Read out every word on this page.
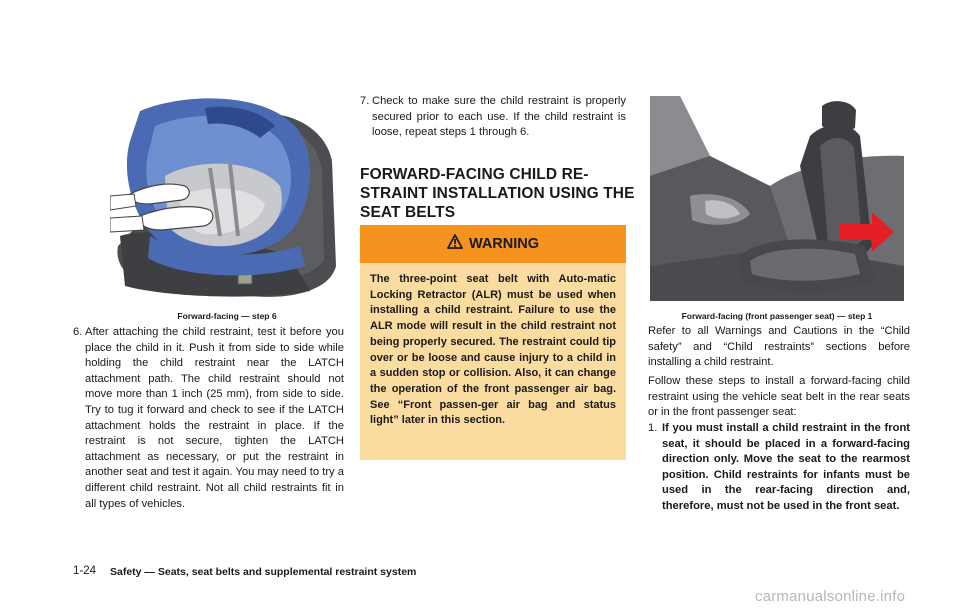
Forward-facing — step 6
6. After attaching the child restraint, test it before you place the child in it. Push it from side to side while holding the child restraint near the LATCH attachment path. The child restraint should not move more than 1 inch (25 mm), from side to side. Try to tug it forward and check to see if the LATCH attachment holds the restraint in place. If the restraint is not secure, tighten the LATCH attachment as necessary, or put the restraint in another seat and test it again. You may need to try a different child restraint. Not all child restraints fit in all types of vehicles.
7. Check to make sure the child restraint is properly secured prior to each use. If the child restraint is loose, repeat steps 1 through 6.
FORWARD-FACING CHILD RE-
STRAINT INSTALLATION USING THE
SEAT BELTS
WARNING
The three-point seat belt with Auto-matic Locking Retractor (ALR) must be used when installing a child restraint. Failure to use the ALR mode will result in the child restraint not being properly secured. The restraint could tip over or be loose and cause injury to a child in a sudden stop or collision. Also, it can change the operation of the front passenger air bag. See “Front passen-ger air bag and status light” later in this section.
Forward-facing (front passenger seat) — step 1
Refer to all Warnings and Cautions in the “Child safety” and “Child restraints” sections before installing a child restraint.
Follow these steps to install a forward-facing child restraint using the vehicle seat belt in the rear seats or in the front passenger seat:
1. If you must install a child restraint in the front seat, it should be placed in a forward-facing direction only. Move the seat to the rearmost position. Child restraints for infants must be used in the rear-facing direction and, therefore, must not be used in the front seat.
1-24 Safety — Seats, seat belts and supplemental restraint system
carmanualsonline.info
